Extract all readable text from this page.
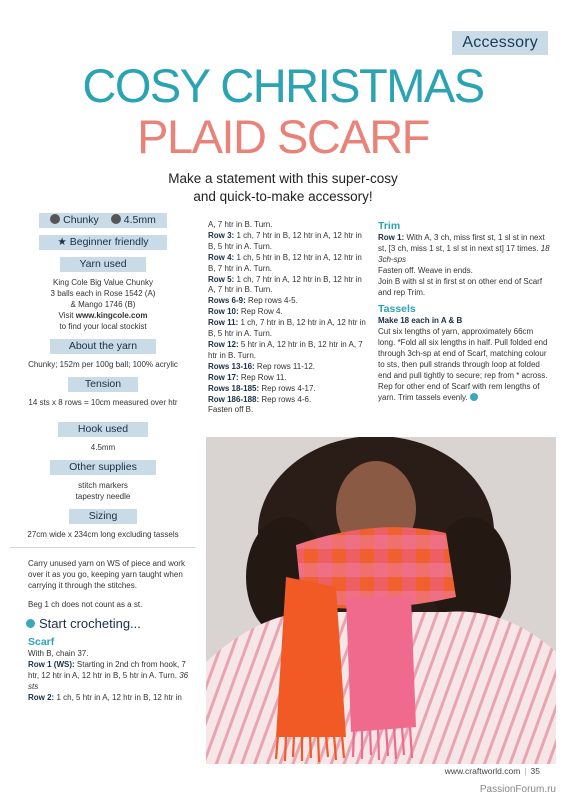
Accessory
COSY CHRISTMAS
PLAID SCARF
Make a statement with this super-cosy
and quick-to-make accessory!
Chunky	4.5mm
★ Beginner friendly
Yarn used
King Cole Big Value Chunky
3 balls each in Rose 1542 (A)
& Mango 1746 (B)
Visit www.kingcole.com
to find your local stockist
About the yarn
Chunky; 152m per 100g ball; 100% acrylic
Tension
14 sts x 8 rows = 10cm measured over htr
Hook used
4.5mm
Other supplies
stitch markers
tapestry needle
Sizing
27cm wide x 234cm long excluding tassels
Carry unused yarn on WS of piece and work over it as you go, keeping yarn taught when carrying it through the stitches.
Beg 1 ch does not count as a st.
Start crocheting...
Scarf
With B, chain 37.
Row 1 (WS): Starting in 2nd ch from hook, 7 htr, 12 htr in A, 12 htr in B, 5 htr in A. Turn. 36 sts
Row 2: 1 ch, 5 htr in A, 12 htr in B, 12 htr in
A, 7 htr in B. Turn.
Row 3: 1 ch, 7 htr in B, 12 htr in A, 12 htr in B, 5 htr in A. Turn.
Row 4: 1 ch, 5 htr in B, 12 htr in A, 12 htr in B, 7 htr in A. Turn.
Row 5: 1 ch, 7 htr in A, 12 htr in B, 12 htr in A, 7 htr in B. Turn.
Rows 6-9: Rep rows 4-5.
Row 10: Rep Row 4.
Row 11: 1 ch, 7 htr in B, 12 htr in A, 12 htr in B, 5 htr in A. Turn.
Row 12: 5 htr in A, 12 htr in B, 12 htr in A, 7 htr in B. Turn.
Rows 13-16: Rep rows 11-12.
Row 17: Rep Row 11.
Rows 18-185: Rep rows 4-17.
Row 186-188: Rep rows 4-6.
Fasten off B.
Trim
Row 1: With A, 3 ch, miss first st, 1 sl st in next st, [3 ch, miss 1 st, 1 sl st in next st] 17 times. 18 3ch-sps
Fasten off. Weave in ends.
Join B with sl st in first st on other end of Scarf and rep Trim.
Tassels
Make 18 each in A & B
Cut six lengths of yarn, approximately 66cm long. *Fold all six lengths in half. Pull folded end through 3ch-sp at end of Scarf, matching colour to sts, then pull strands through loop at folded end and pull tightly to secure; rep from * across. Rep for other end of Scarf with rem lengths of yarn. Trim tassels evenly.
www.craftworld.com | 35
PassionForum.ru
